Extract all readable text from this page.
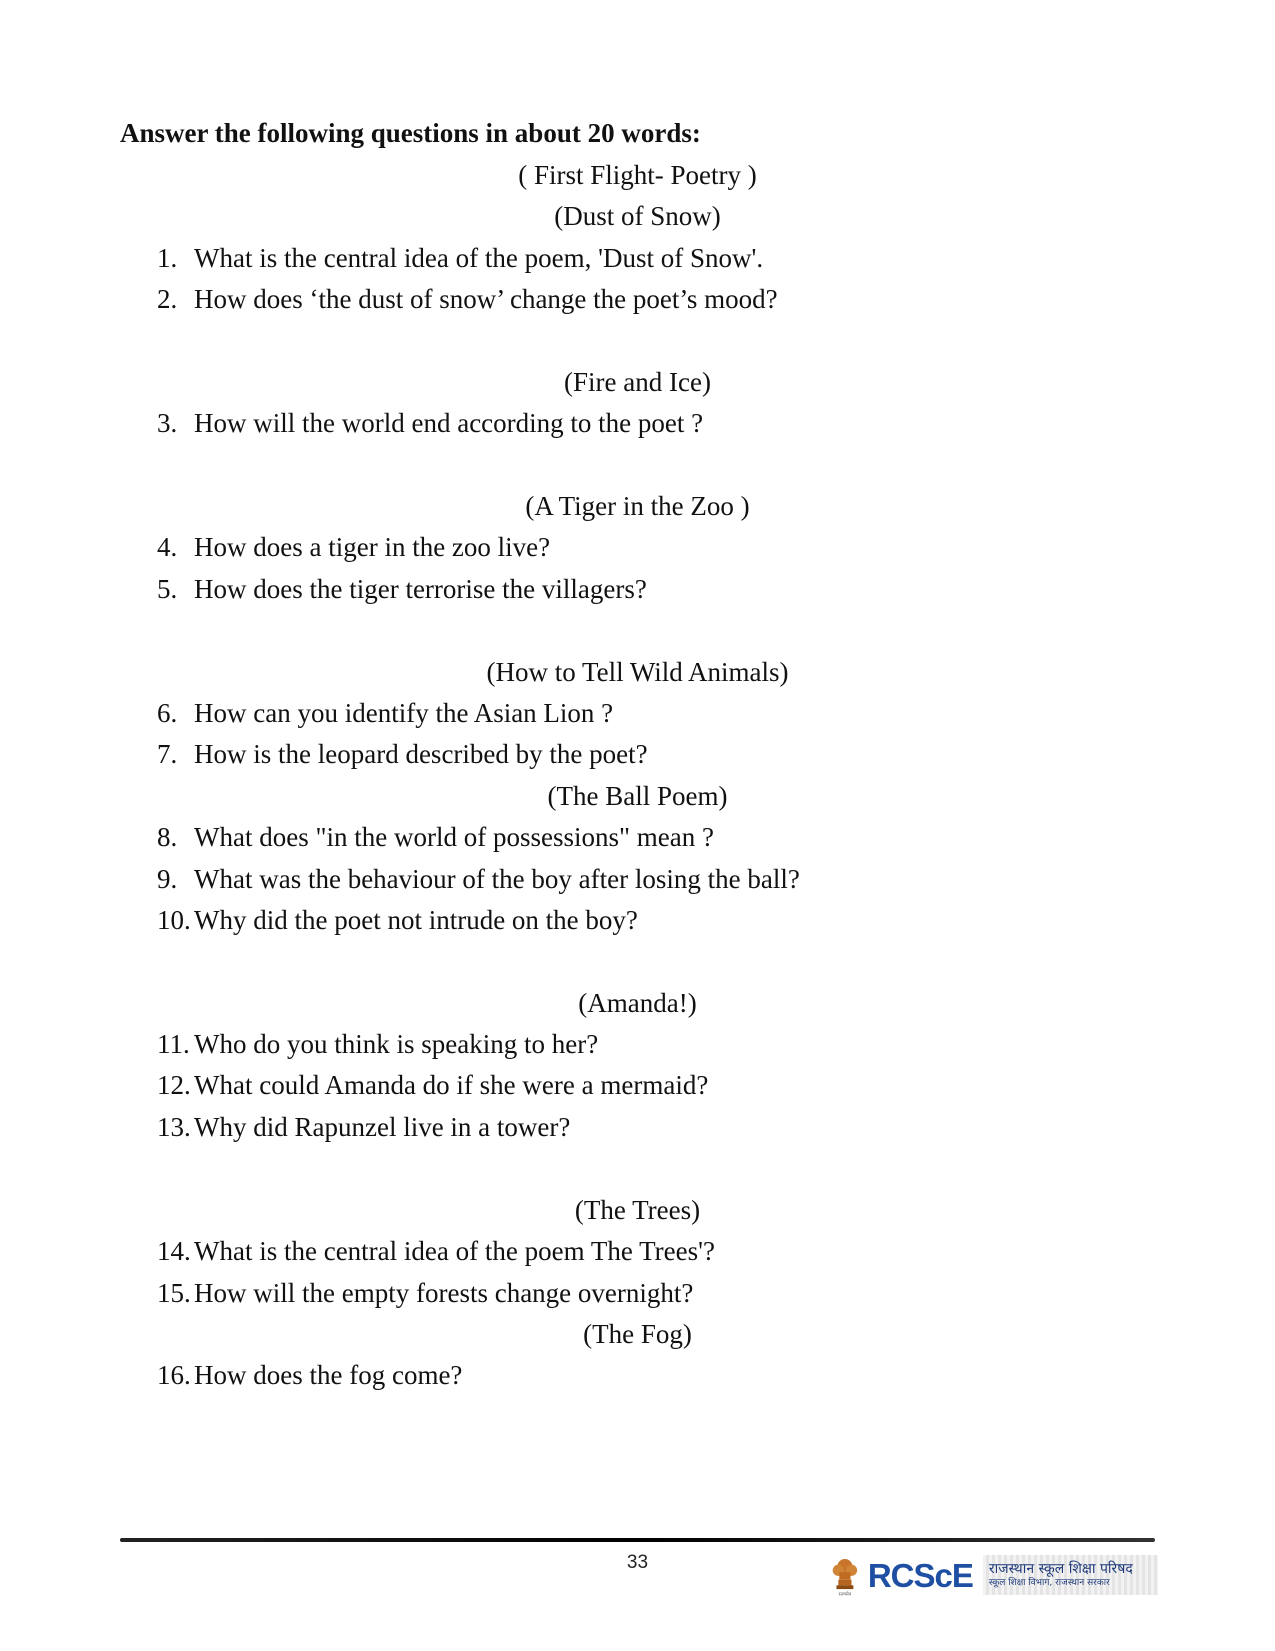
Answer the following questions in about 20 words:
( First Flight- Poetry )
(Dust of Snow)
1. What is the central idea of the poem, 'Dust of Snow'.
2. How does ‘the dust of snow’ change the poet’s mood?
(Fire and Ice)
3. How will the world end according to the poet ?
(A Tiger in the Zoo )
4. How does a tiger in the zoo live?
5. How does the tiger terrorise the villagers?
(How to Tell Wild Animals)
6. How can you identify the Asian Lion ?
7. How is the leopard described by the poet?
(The Ball Poem)
8. What does "in the world of possessions" mean ?
9. What was the behaviour of the boy after losing the ball?
10. Why did the poet not intrude on the boy?
(Amanda!)
11. Who do you think is speaking to her?
12. What could Amanda do if she were a mermaid?
13. Why did Rapunzel live in a tower?
(The Trees)
14. What is the central idea of the poem The Trees'?
15. How will the empty forests change overnight?
(The Fog)
16. How does the fog come?
33
सत्यमेव
RCScE राजस्थान स्कूल शिक्षा परिषद
स्कूल शिक्षा विभाग, राजस्थान सरकार
